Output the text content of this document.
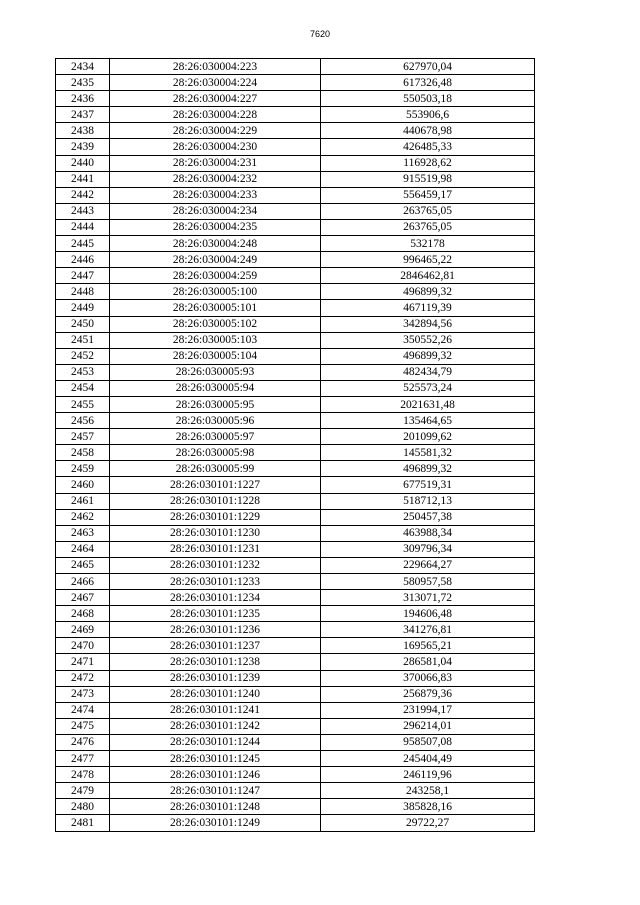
7620
2434	28:26:030004:223	627970,04
2435	28:26:030004:224	617326,48
2436	28:26:030004:227	550503,18
2437	28:26:030004:228	553906,6
2438	28:26:030004:229	440678,98
2439	28:26:030004:230	426485,33
2440	28:26:030004:231	116928,62
2441	28:26:030004:232	915519,98
2442	28:26:030004:233	556459,17
2443	28:26:030004:234	263765,05
2444	28:26:030004:235	263765,05
2445	28:26:030004:248	532178
2446	28:26:030004:249	996465,22
2447	28:26:030004:259	2846462,81
2448	28:26:030005:100	496899,32
2449	28:26:030005:101	467119,39
2450	28:26:030005:102	342894,56
2451	28:26:030005:103	350552,26
2452	28:26:030005:104	496899,32
2453	28:26:030005:93	482434,79
2454	28:26:030005:94	525573,24
2455	28:26:030005:95	2021631,48
2456	28:26:030005:96	135464,65
2457	28:26:030005:97	201099,62
2458	28:26:030005:98	145581,32
2459	28:26:030005:99	496899,32
2460	28:26:030101:1227	677519,31
2461	28:26:030101:1228	518712,13
2462	28:26:030101:1229	250457,38
2463	28:26:030101:1230	463988,34
2464	28:26:030101:1231	309796,34
2465	28:26:030101:1232	229664,27
2466	28:26:030101:1233	580957,58
2467	28:26:030101:1234	313071,72
2468	28:26:030101:1235	194606,48
2469	28:26:030101:1236	341276,81
2470	28:26:030101:1237	169565,21
2471	28:26:030101:1238	286581,04
2472	28:26:030101:1239	370066,83
2473	28:26:030101:1240	256879,36
2474	28:26:030101:1241	231994,17
2475	28:26:030101:1242	296214,01
2476	28:26:030101:1244	958507,08
2477	28:26:030101:1245	245404,49
2478	28:26:030101:1246	246119,96
2479	28:26:030101:1247	243258,1
2480	28:26:030101:1248	385828,16
2481	28:26:030101:1249	29722,27
